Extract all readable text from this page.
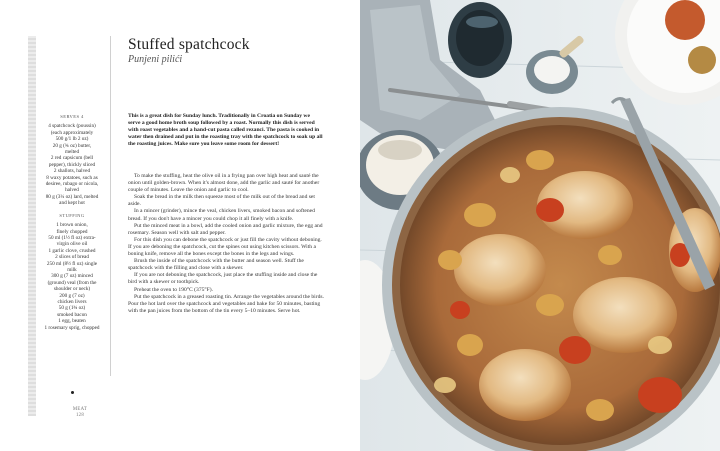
SERVES 4

4 spatchcock (poussin)

(each approximately

500 g/1 lb 2 oz)

20 g (¾ oz) butter,

melted

2 red capsicum (bell

pepper), thickly sliced

2 shallots, halved

8 waxy potatoes, such as

desiree, rubago or nicola,

halved

80 g (3¼ oz) lard, melted

and kept hot

STUFFING

1 brown onion,

finely chopped

50 ml (1½ fl oz) extra-

virgin olive oil

1 garlic clove, crushed

2 slices of bread

250 ml (8½ fl oz) single

milk

300 g (7 oz) minced

(ground) veal (from the

shoulder or neck)

200 g (7 oz)

chicken livers

50 g (1¾ oz)

smoked bacon

1 egg, beaten

1 rosemary sprig, chopped

Stuffed spatchcock

Punjeni pilići

This is a great dish for Sunday lunch. Traditionally in Croatia on Sunday we serve a good home broth soup followed by a roast. Normally this dish is served with roast vegetables and a hand-cut pasta called rezanci. The pasta is cooked in water then drained and put in the roasting tray with the spatchcock to soak up all the roasting juices. Make sure you leave some room for dessert!

To make the stuffing, heat the olive oil in a frying pan over high heat and sauté the onion until golden-brown. When it's almost done, add the garlic and sauté for another couple of minutes. Leave the onion and garlic to cool.

Soak the bread in the milk then squeeze most of the milk out of the bread and set aside.

In a mincer (grinder), mince the veal, chicken livers, smoked bacon and softened bread. If you don't have a mincer you could chop it all finely with a knife.

Put the minced meat in a bowl, add the cooled onion and garlic mixture, the egg and rosemary. Season well with salt and pepper.

For this dish you can debone the spatchcock or just fill the cavity without deboning. If you are deboning the spatchcock, cut the spines out using kitchen scissors. With a boning knife, remove all the bones except the bones in the legs and wings.

Brush the inside of the spatchcock with the butter and season well. Stuff the spatchcock with the filling and close with a skewer.

If you are not deboning the spatchcock, just place the stuffing inside and close the bird with a skewer or toothpick.

Preheat the oven to 190°C (375°F).

Put the spatchcock in a greased roasting tin. Arrange the vegetables around the birds. Pour the hot lard over the spatchcock and vegetables and bake for 50 minutes, basting with the pan juices from the bottom of the tin every 5–10 minutes. Serve hot.

MEAT
128
